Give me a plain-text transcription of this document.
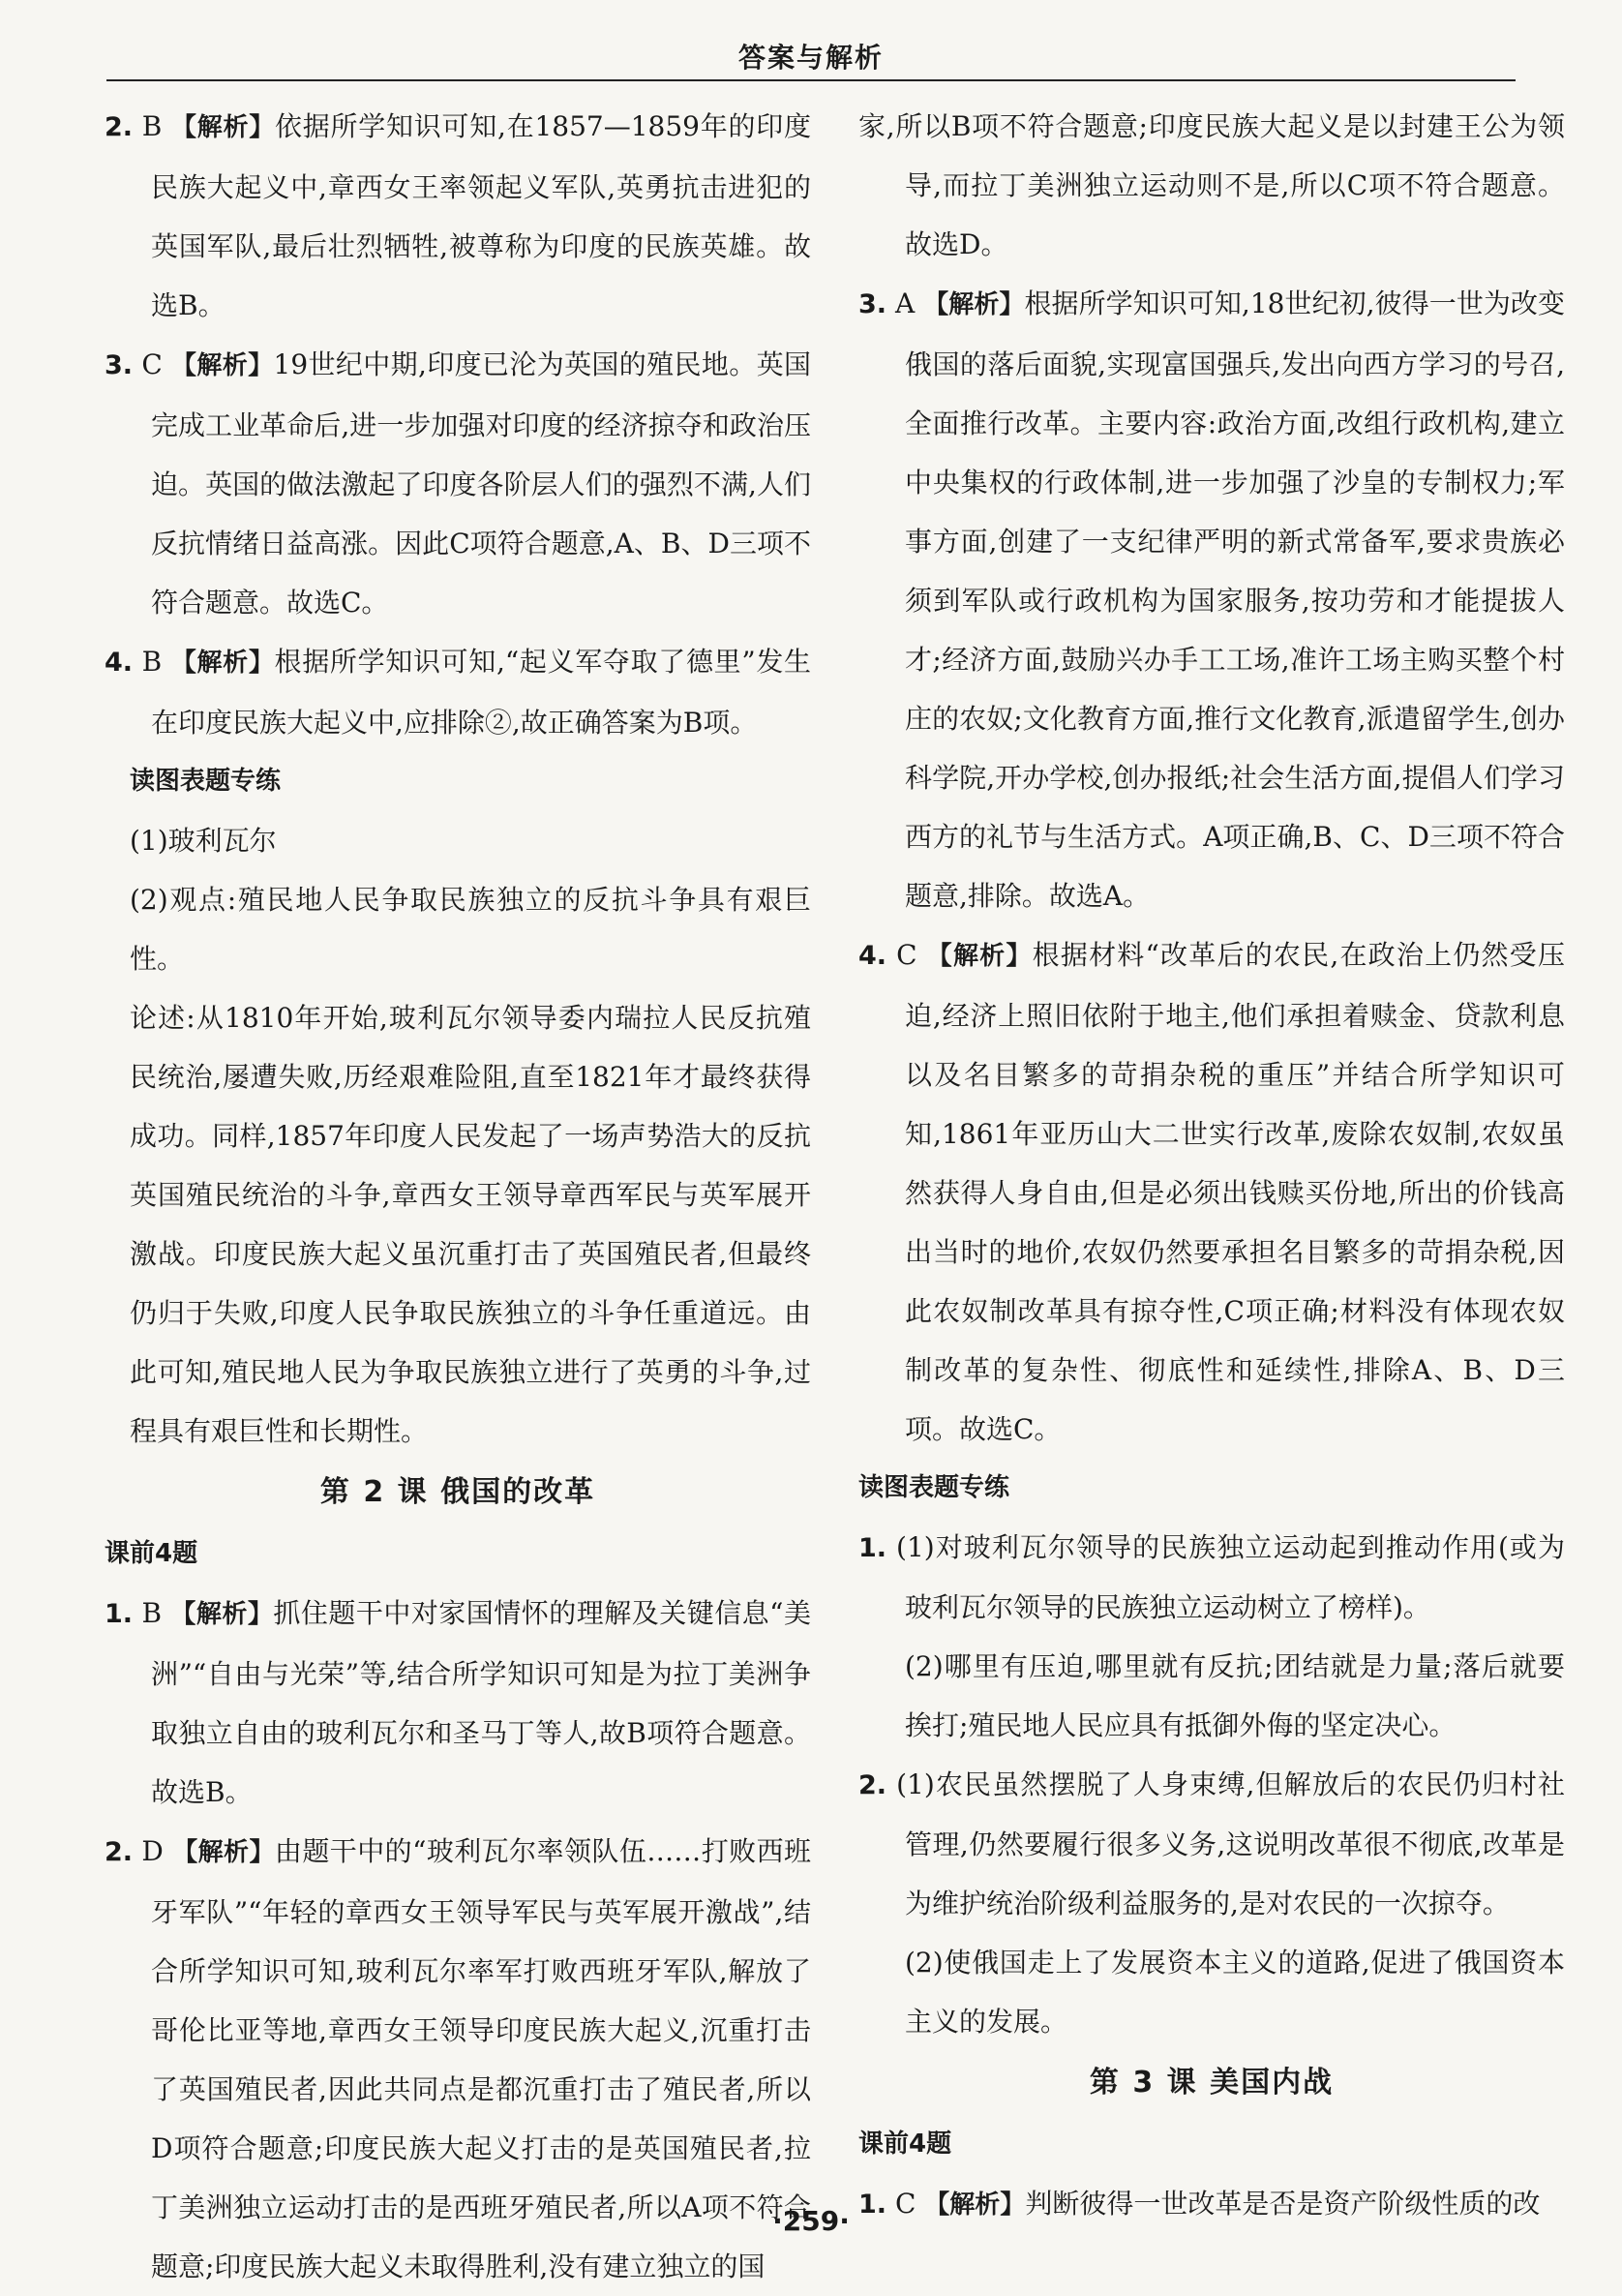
答案与解析

2. B 【解析】依据所学知识可知,在1857—1859年的印度民族大起义中,章西女王率领起义军队,英勇抗击进犯的英国军队,最后壮烈牺牲,被尊称为印度的民族英雄。故选B。

3. C 【解析】19世纪中期,印度已沦为英国的殖民地。英国完成工业革命后,进一步加强对印度的经济掠夺和政治压迫。英国的做法激起了印度各阶层人们的强烈不满,人们反抗情绪日益高涨。因此C项符合题意,A、B、D三项不符合题意。故选C。

4. B 【解析】根据所学知识可知,“起义军夺取了德里”发生在印度民族大起义中,应排除②,故正确答案为B项。

读图表题专练

(1)玻利瓦尔

(2)观点:殖民地人民争取民族独立的反抗斗争具有艰巨性。

论述:从1810年开始,玻利瓦尔领导委内瑞拉人民反抗殖民统治,屡遭失败,历经艰难险阻,直至1821年才最终获得成功。同样,1857年印度人民发起了一场声势浩大的反抗英国殖民统治的斗争,章西女王领导章西军民与英军展开激战。印度民族大起义虽沉重打击了英国殖民者,但最终仍归于失败,印度人民争取民族独立的斗争任重道远。由此可知,殖民地人民为争取民族独立进行了英勇的斗争,过程具有艰巨性和长期性。

第 2 课 俄国的改革

课前4题

1. B 【解析】抓住题干中对家国情怀的理解及关键信息“美洲”“自由与光荣”等,结合所学知识可知是为拉丁美洲争取独立自由的玻利瓦尔和圣马丁等人,故B项符合题意。故选B。

2. D 【解析】由题干中的“玻利瓦尔率领队伍……打败西班牙军队”“年轻的章西女王领导军民与英军展开激战”,结合所学知识可知,玻利瓦尔率军打败西班牙军队,解放了哥伦比亚等地,章西女王领导印度民族大起义,沉重打击了英国殖民者,因此共同点是都沉重打击了殖民者,所以D项符合题意;印度民族大起义打击的是英国殖民者,拉丁美洲独立运动打击的是西班牙殖民者,所以A项不符合题意;印度民族大起义未取得胜利,没有建立独立的国

家,所以B项不符合题意;印度民族大起义是以封建王公为领导,而拉丁美洲独立运动则不是,所以C项不符合题意。故选D。

3. A 【解析】根据所学知识可知,18世纪初,彼得一世为改变俄国的落后面貌,实现富国强兵,发出向西方学习的号召,全面推行改革。主要内容:政治方面,改组行政机构,建立中央集权的行政体制,进一步加强了沙皇的专制权力;军事方面,创建了一支纪律严明的新式常备军,要求贵族必须到军队或行政机构为国家服务,按功劳和才能提拔人才;经济方面,鼓励兴办手工工场,准许工场主购买整个村庄的农奴;文化教育方面,推行文化教育,派遣留学生,创办科学院,开办学校,创办报纸;社会生活方面,提倡人们学习西方的礼节与生活方式。A项正确,B、C、D三项不符合题意,排除。故选A。

4. C 【解析】根据材料“改革后的农民,在政治上仍然受压迫,经济上照旧依附于地主,他们承担着赎金、贷款利息以及名目繁多的苛捐杂税的重压”并结合所学知识可知,1861年亚历山大二世实行改革,废除农奴制,农奴虽然获得人身自由,但是必须出钱赎买份地,所出的价钱高出当时的地价,农奴仍然要承担名目繁多的苛捐杂税,因此农奴制改革具有掠夺性,C项正确;材料没有体现农奴制改革的复杂性、彻底性和延续性,排除A、B、D三项。故选C。

读图表题专练

1. (1)对玻利瓦尔领导的民族独立运动起到推动作用(或为玻利瓦尔领导的民族独立运动树立了榜样)。

(2)哪里有压迫,哪里就有反抗;团结就是力量;落后就要挨打;殖民地人民应具有抵御外侮的坚定决心。

2. (1)农民虽然摆脱了人身束缚,但解放后的农民仍归村社管理,仍然要履行很多义务,这说明改革很不彻底,改革是为维护统治阶级利益服务的,是对农民的一次掠夺。

(2)使俄国走上了发展资本主义的道路,促进了俄国资本主义的发展。

第 3 课 美国内战

课前4题

1. C 【解析】判断彼得一世改革是否是资产阶级性质的改

·259·
